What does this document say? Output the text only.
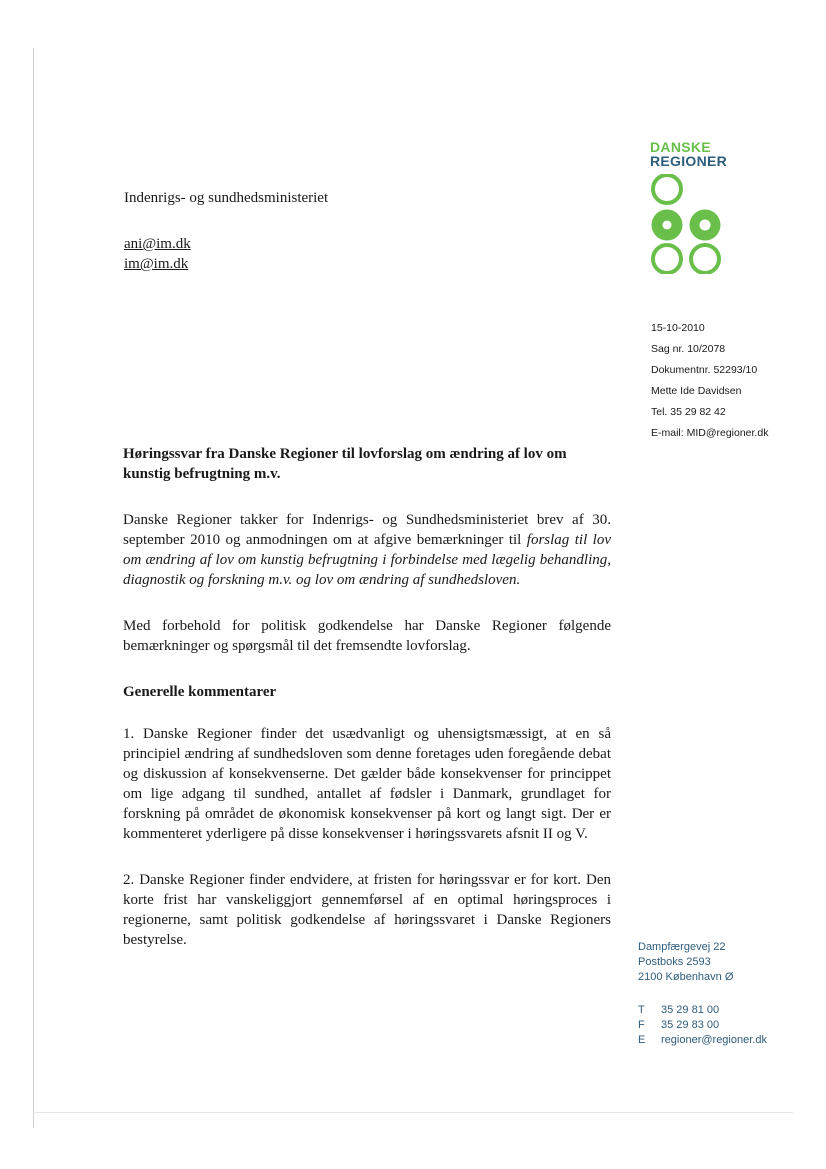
DANSKE
REGIONER
Indenrigs- og sundhedsministeriet
ani@im.dk
im@im.dk
15-10-2010
Sag nr. 10/2078
Dokumentnr. 52293/10
Mette Ide Davidsen
Tel. 35 29 82 42
E-mail: MID@regioner.dk

Høringssvar fra Danske Regioner til lovforslag om ændring af lov om
kunstig befrugtning m.v.

Danske Regioner takker for Indenrigs- og Sundhedsministeriet brev af 30. september 2010 og anmodningen om at afgive bemærkninger til forslag til lov om ændring af lov om kunstig befrugtning i forbindelse med lægelig behandling, diagnostik og forskning m.v. og lov om ændring af sundhedsloven.

Med forbehold for politisk godkendelse har Danske Regioner følgende bemærkninger og spørgsmål til det fremsendte lovforslag.

Generelle kommentarer

1. Danske Regioner finder det usædvanligt og uhensigtsmæssigt, at en så principiel ændring af sundhedsloven som denne foretages uden foregående debat og diskussion af konsekvenserne. Det gælder både konsekvenser for princippet om lige adgang til sundhed, antallet af fødsler i Danmark, grundlaget for forskning på området de økonomisk konsekvenser på kort og langt sigt. Der er kommenteret yderligere på disse konsekvenser i høringssvarets afsnit II og V.

2. Danske Regioner finder endvidere, at fristen for høringssvar er for kort. Den korte frist har vanskeliggjort gennemførsel af en optimal høringsproces i regionerne, samt politisk godkendelse af høringssvaret i Danske Regioners bestyrelse.	Dampfærgevej 22
Postboks 2593
2100 København Ø
T	35 29 81 00
F	35 29 83 00
E	regioner@regioner.dk
